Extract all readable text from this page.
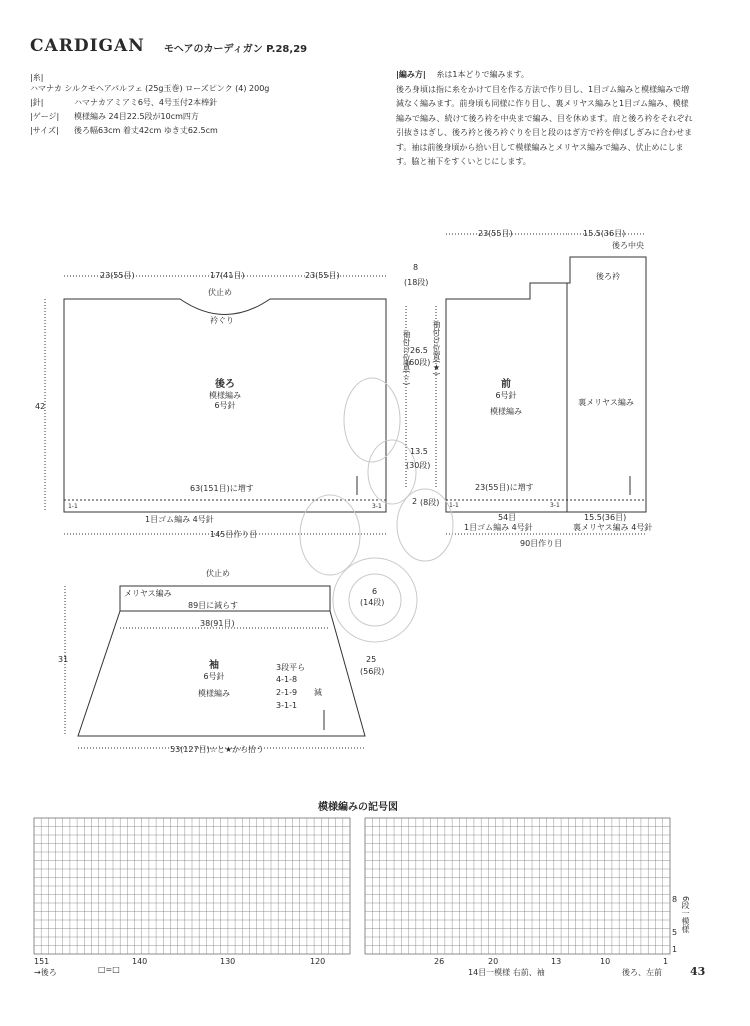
CARDIGAN モヘアのカーディガン P.28,29
|糸|
ハマナカ シルクモヘアパルフェ (25g玉巻) ローズピンク (4) 200g
|針|	ハマナカアミアミ6号、4号玉付2本棒針
|ゲージ| 模様編み 24目22.5段が10cm四方
|サイズ| 後ろ幅63cm 着丈42cm ゆき丈62.5cm
|編み方| 糸は1本どりで編みます。
後ろ身頃は指に糸をかけて目を作る方法で作り目し、1目ゴム編みと模様編みで増減なく編みます。前身頃も同様に作り目し、裏メリヤス編みと1目ゴム編み、模様編みで編み、続けて後ろ衿を中央まで編み、目を休めます。肩と後ろ衿をそれぞれ引抜きはぎし、後ろ衿と後ろ衿ぐりを目と段のはぎ方で衿を伸ばしぎみに合わせます。袖は前後身頃から拾い目して模様編みとメリヤス編みで編み、伏止めにします。脇と袖下をすくいとじにします。
23(55目)	17(41目)	23(55目)
伏止め
衿ぐり
42
後ろ
模様編み
6号針
袖付け位置(☆)
63(151目)に増す
1-1	3-1
1目ゴム編み 4号針
145目作り目
23(55目)	15.5(36目)
後ろ中央
後ろ衿
8
(18段)
26.5
(60段)
13.5
(30段)
2 (8段)
袖付け位置(★)
前
6号針
模様編み
裏メリヤス編み
23(55目)に増す
1-1	3-1
54目	15.5(36目)
1目ゴム編み 4号針	裏メリヤス編み 4号針
90目作り目
伏止め
メリヤス編み
89目に減らす
38(91目)
31
6
(14段)
25
(56段)
袖
6号針
模様編み	減
3段平ら
4-1-8
2-1-9
3-1-1
53(127目)☆と★から拾う
模様編みの記号図
151	140	130	120	26	20	13	10	1
8
5
1
6段一模様
→後ろ	□=□	14目一模様 右前、袖	後ろ、左前	43
